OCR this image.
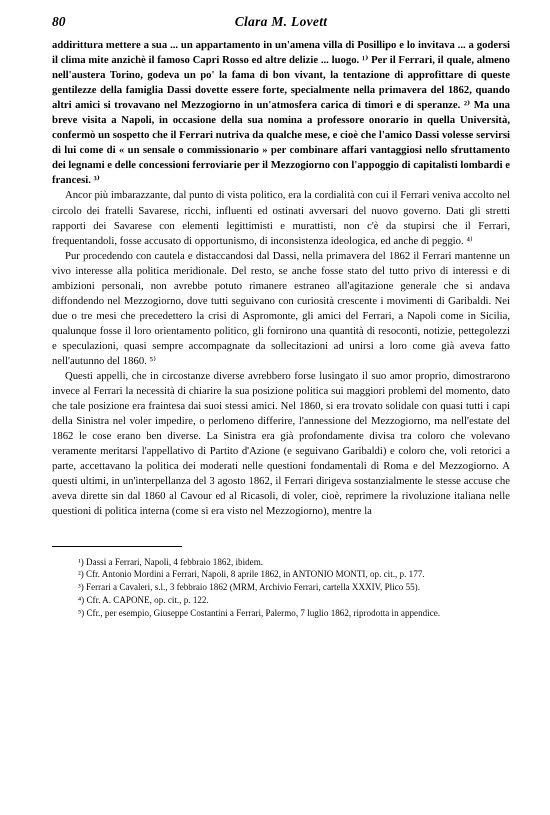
80	Clara M. Lovett

addirittura mettere a sua ... un appartamento in un'amena villa di Posillipo e lo invitava ... a godersi il clima mite anzichè il famoso Capri Rosso ed altre delizie ... luogo. ¹⁾ Per il Ferrari, il quale, almeno nell'austera Torino, godeva un po' la fama di bon vivant, la tentazione di approfittare di queste gentilezze della famiglia Dassi dovette essere forte, specialmente nella primavera del 1862, quando altri amici si trovavano nel Mezzogiorno in un'atmosfera carica di timori e di speranze. ²⁾ Ma una breve visita a Napoli, in occasione della sua nomina a professore onorario in quella Università, confermò un sospetto che il Ferrari nutriva da qualche mese, e cioè che l'amico Dassi volesse servirsi di lui come di « un sensale o commissionario » per combinare affari vantaggiosi nello sfruttamento dei legnami e delle concessioni ferroviarie per il Mezzogiorno con l'appoggio di capitalisti lombardi e francesi. ³⁾

Ancor più imbarazzante, dal punto di vista politico, era la cordialità con cui il Ferrari veniva accolto nel circolo dei fratelli Savarese, ricchi, influenti ed ostinati avversari del nuovo governo. Dati gli stretti rapporti dei Savarese con elementi legittimisti e murattisti, non c'è da stupirsi che il Ferrari, frequentandoli, fosse accusato di opportunismo, di inconsistenza ideologica, ed anche di peggio. ⁴⁾

Pur procedendo con cautela e distaccandosi dal Dassi, nella primavera del 1862 il Ferrari mantenne un vivo interesse alla politica meridionale. Del resto, se anche fosse stato del tutto privo di interessi e di ambizioni personali, non avrebbe potuto rimanere estraneo all'agitazione generale che si andava diffondendo nel Mezzogiorno, dove tutti seguivano con curiosità crescente i movimenti di Garibaldi. Nei due o tre mesi che precedettero la crisi di Aspromonte, gli amici del Ferrari, a Napoli come in Sicilia, qualunque fosse il loro orientamento politico, gli fornirono una quantità di resoconti, notizie, pettegolezzi e speculazioni, quasi sempre accompagnate da sollecitazioni ad unirsi a loro come già aveva fatto nell'autunno del 1860. ⁵⁾

Questi appelli, che in circostanze diverse avrebbero forse lusingato il suo amor proprio, dimostrarono invece al Ferrari la necessità di chiarire la sua posizione politica sui maggiori problemi del momento, dato che tale posizione era fraintesa dai suoi stessi amici. Nel 1860, si era trovato solidale con quasi tutti i capi della Sinistra nel voler impedire, o perlomeno differire, l'annessione del Mezzogiorno, ma nell'estate del 1862 le cose erano ben diverse. La Sinistra era già profondamente divisa tra coloro che volevano veramente meritarsi l'appellativo di Partito d'Azione (e seguivano Garibaldi) e coloro che, voli retorici a parte, accettavano la politica dei moderati nelle questioni fondamentali di Roma e del Mezzogiorno. A questi ultimi, in un'interpellanza del 3 agosto 1862, il Ferrari dirigeva sostanzialmente le stesse accuse che aveva dirette sin dal 1860 al Cavour ed al Ricasoli, di voler, cioè, reprimere la rivoluzione italiana nelle questioni di politica interna (come si era visto nel Mezzogiorno), mentre la

¹) Dassi a Ferrari, Napoli, 4 febbraio 1862, ibidem.

²) Cfr. Antonio Mordini a Ferrari, Napoli, 8 aprile 1862, in ANTONIO MONTI, op. cit., p. 177.

³) Ferrari a Cavaleri, s.l., 3 febbraio 1862 (MRM, Archivio Ferrari, cartella XXXIV, Plico 55).

⁴) Cfr. A. CAPONE, op. cit., p. 122.

⁵) Cfr., per esempio, Giuseppe Costantini a Ferrari, Palermo, 7 luglio 1862, riprodotta in appendice.
